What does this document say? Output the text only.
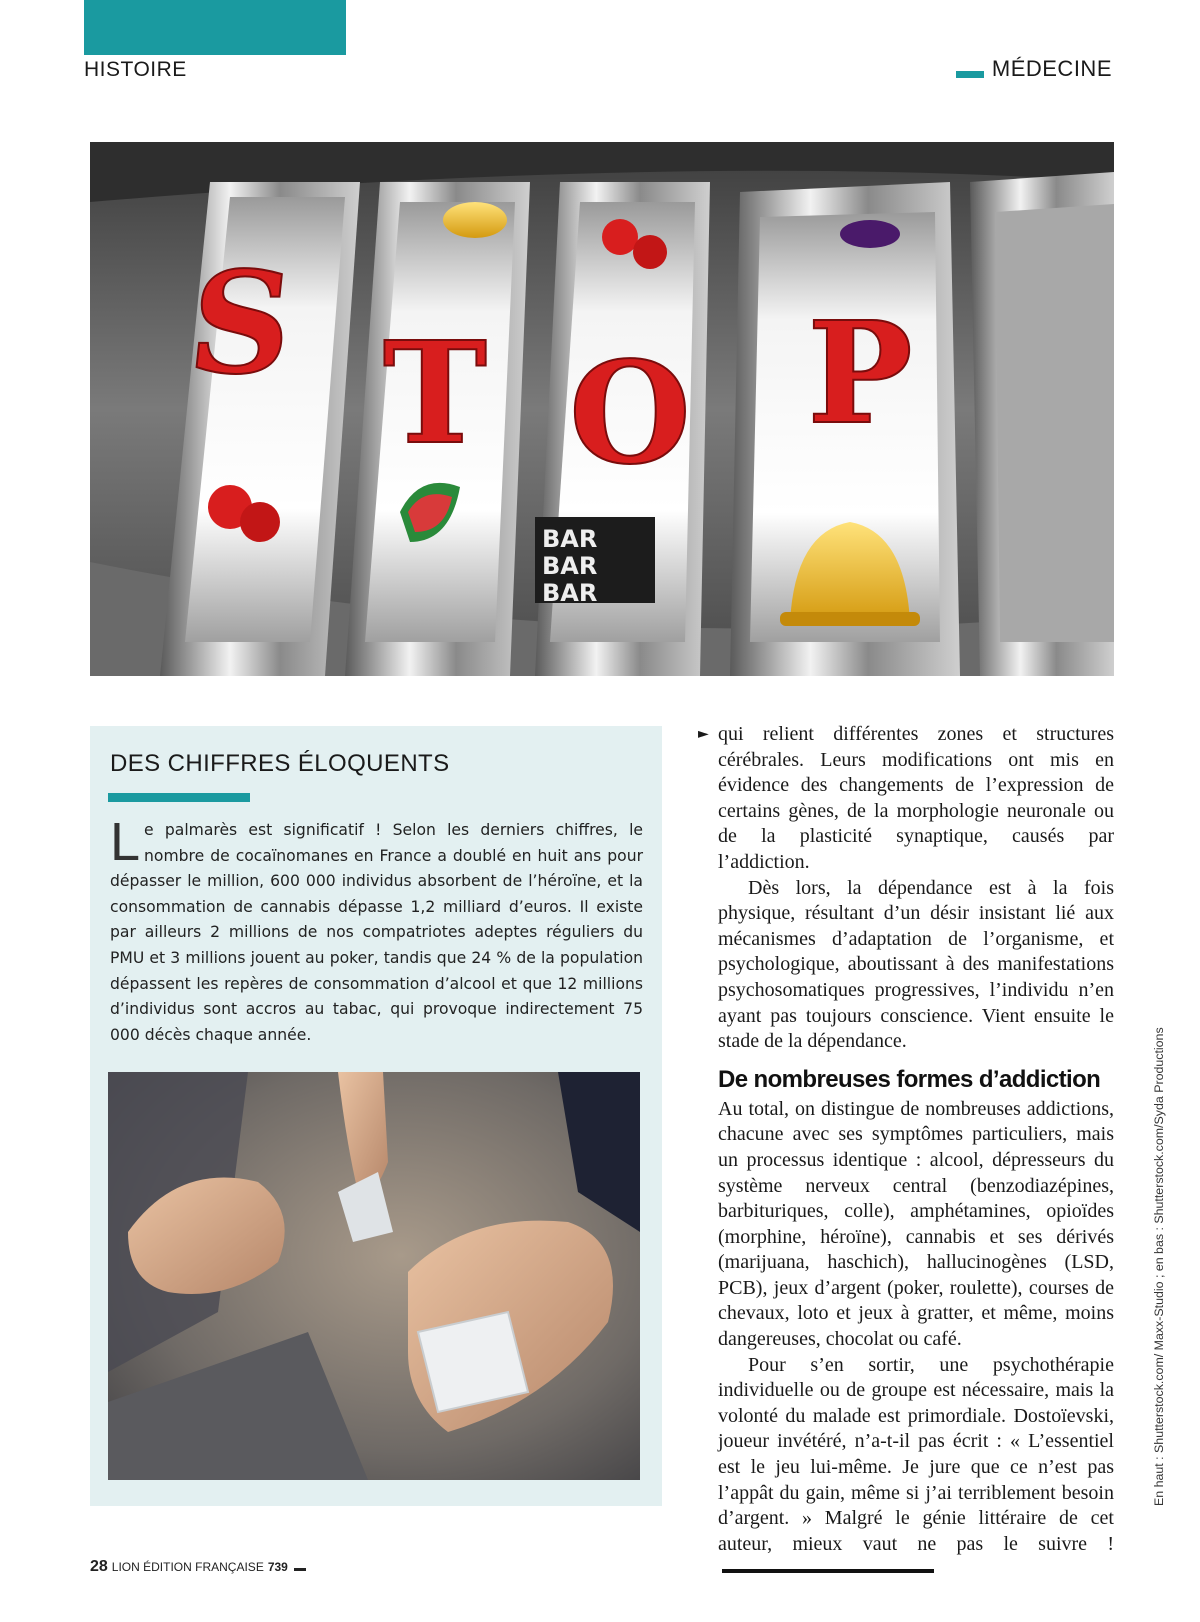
HISTOIRE	MÉDECINE
S T O
BAR
BAR
BAR
P
DES CHIFFRES ÉLOQUENTS
Le palmarès est significatif ! Selon les derniers chiffres, le nombre de cocaïnomanes en France a doublé en huit ans pour dépasser le million, 600 000 individus absorbent de l’héroïne, et la consommation de cannabis dépasse 1,2 milliard d’euros. Il existe par ailleurs 2 millions de nos compatriotes adeptes réguliers du PMU et 3 millions jouent au poker, tandis que 24 % de la population dépassent les repères de consommation d’alcool et que 12 millions d’individus sont accros au tabac, qui provoque indirectement 75 000 décès chaque année.
► qui relient différentes zones et structures cérébrales. Leurs modifications ont mis en évidence des changements de l’expression de certains gènes, de la morphologie neuronale ou de la plasticité synaptique, causés par l’addiction.

Dès lors, la dépendance est à la fois physique, résultant d’un désir insistant lié aux mécanismes d’adaptation de l’organisme, et psychologique, aboutissant à des manifestations psychosomatiques progressives, l’individu n’en ayant pas toujours conscience. Vient ensuite le stade de la dépendance.

De nombreuses formes d’addiction

Au total, on distingue de nombreuses addictions, chacune avec ses symptômes particuliers, mais un processus identique : alcool, dépresseurs du système nerveux central (benzodiazépines, barbituriques, colle), amphétamines, opioïdes (morphine, héroïne), cannabis et ses dérivés (marijuana, haschich), hallucinogènes (LSD, PCB), jeux d’argent (poker, roulette), courses de chevaux, loto et jeux à gratter, et même, moins dangereuses, chocolat ou café.

Pour s’en sortir, une psychothérapie individuelle ou de groupe est nécessaire, mais la volonté du malade est primordiale. Dostoïevski, joueur invétéré, n’a-t-il pas écrit : « L’essentiel est le jeu lui-même. Je jure que ce n’est pas l’appât du gain, même si j’ai terriblement besoin d’argent. » Malgré le génie littéraire de cet auteur, mieux vaut ne pas le suivre !

En haut : Shutterstock.com/ Maxx-Studio ; en bas : Shutterstock.com/Syda Productions
28 LION ÉDITION FRANÇAISE 739
